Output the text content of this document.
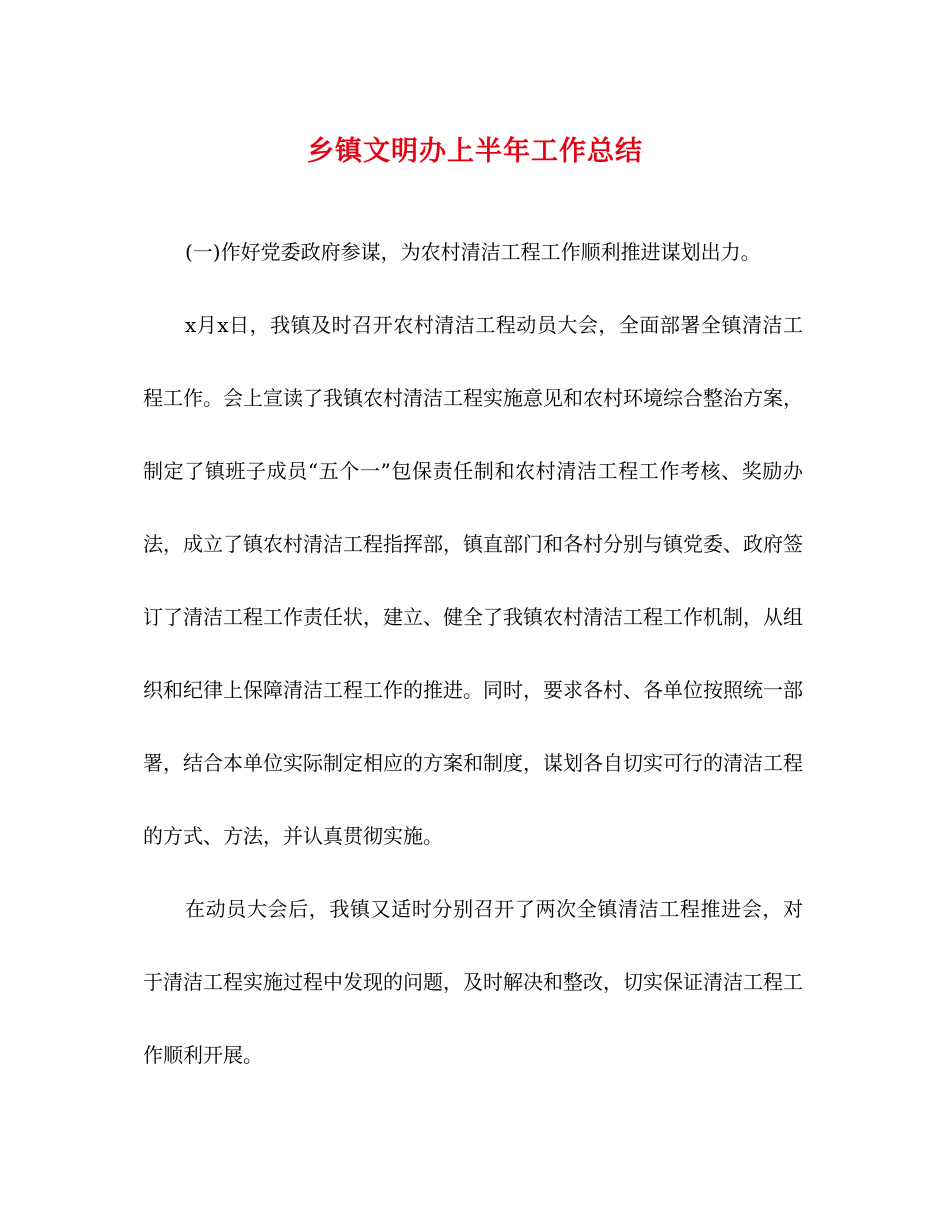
乡镇文明办上半年工作总结

(一)作好党委政府参谋，为农村清洁工程工作顺利推进谋划出力。

x月x日，我镇及时召开农村清洁工程动员大会，全面部署全镇清洁工程工作。会上宣读了我镇农村清洁工程实施意见和农村环境综合整治方案，制定了镇班子成员“五个一”包保责任制和农村清洁工程工作考核、奖励办法，成立了镇农村清洁工程指挥部，镇直部门和各村分别与镇党委、政府签订了清洁工程工作责任状，建立、健全了我镇农村清洁工程工作机制，从组织和纪律上保障清洁工程工作的推进。同时，要求各村、各单位按照统一部署，结合本单位实际制定相应的方案和制度，谋划各自切实可行的清洁工程的方式、方法，并认真贯彻实施。

在动员大会后，我镇又适时分别召开了两次全镇清洁工程推进会，对于清洁工程实施过程中发现的问题，及时解决和整改，切实保证清洁工程工作顺利开展。
